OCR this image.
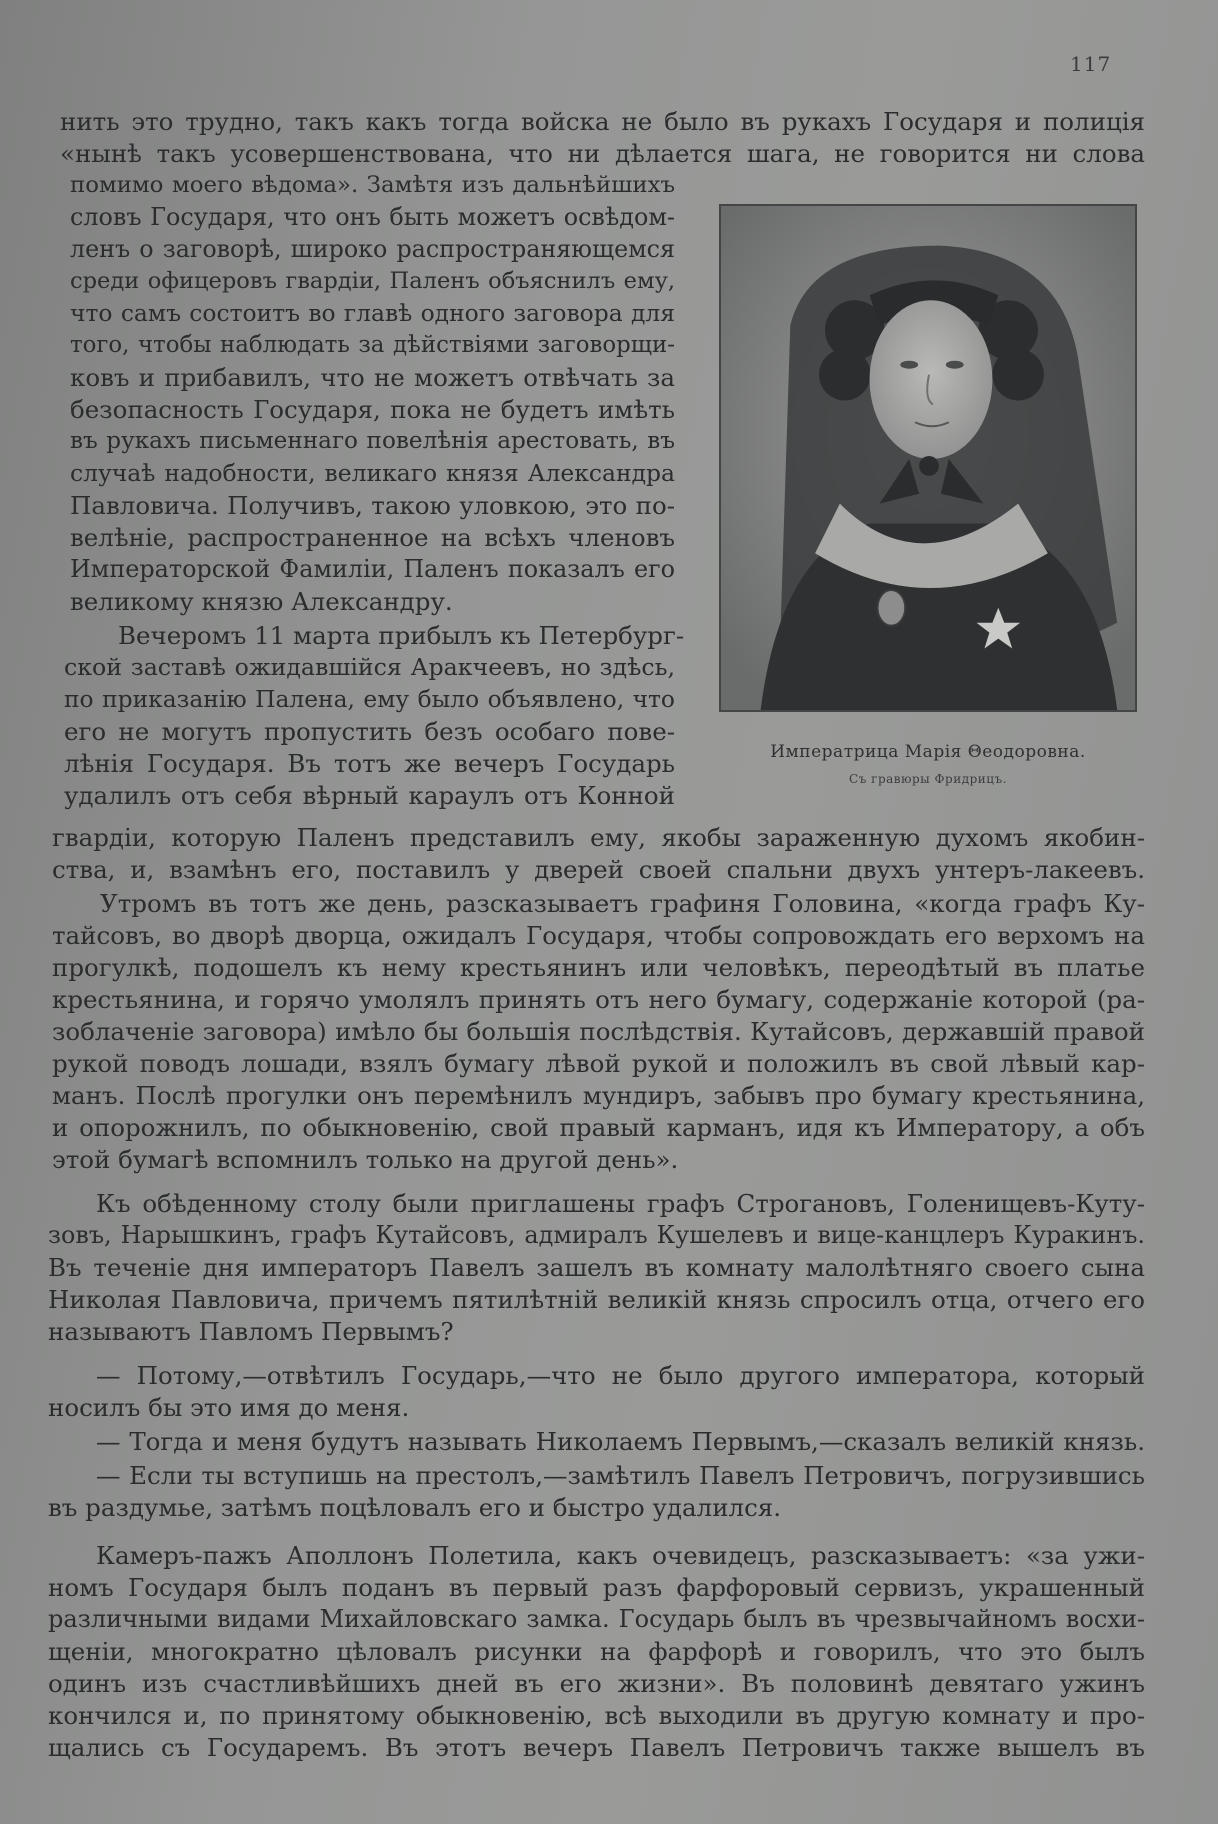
117
нить это трудно, такъ какъ тогда войска не было въ рукахъ Государя и полиція
«нынѣ такъ усовершенствована, что ни дѣлается шага, не говорится ни слова
помимо моего вѣдома». Замѣтя изъ дальнѣйшихъ
словъ Государя, что онъ быть можетъ освѣдом-
ленъ о заговорѣ, широко распространяющемся
среди офицеровъ гвардіи, Паленъ объяснилъ ему,
что самъ состоитъ во главѣ одного заговора для
того, чтобы наблюдать за дѣйствіями заговорщи-
ковъ и прибавилъ, что не можетъ отвѣчать за
безопасность Государя, пока не будетъ имѣть
въ рукахъ письменнаго повелѣнія арестовать, въ
случаѣ надобности, великаго князя Александра
Павловича. Получивъ, такою уловкою, это по-
велѣніе, распространенное на всѣхъ членовъ
Императорской Фамиліи, Паленъ показалъ его
великому князю Александру.
Вечеромъ 11 марта прибылъ къ Петербург-
ской заставѣ ожидавшійся Аракчеевъ, но здѣсь,
по приказанію Палена, ему было объявлено, что
его не могутъ пропустить безъ особаго пове-
лѣнія Государя. Въ тотъ же вечеръ Государь
удалилъ отъ себя вѣрный караулъ отъ Конной
Императрица Марія Θеодоровна.
Съ гравюры Фридрицъ.
гвардіи, которую Паленъ представилъ ему, якобы зараженную духомъ якобин-
ства, и, взамѣнъ его, поставилъ у дверей своей спальни двухъ унтеръ-лакеевъ.
Утромъ въ тотъ же день, разсказываетъ графиня Головина, «когда графъ Ку-
тайсовъ, во дворѣ дворца, ожидалъ Государя, чтобы сопровождать его верхомъ на
прогулкѣ, подошелъ къ нему крестьянинъ или человѣкъ, переодѣтый въ платье
крестьянина, и горячо умолялъ принять отъ него бумагу, содержаніе которой (ра-
зоблаченіе заговора) имѣло бы большія послѣдствія. Кутайсовъ, державшій правой
рукой поводъ лошади, взялъ бумагу лѣвой рукой и положилъ въ свой лѣвый кар-
манъ. Послѣ прогулки онъ перемѣнилъ мундиръ, забывъ про бумагу крестьянина,
и опорожнилъ, по обыкновенію, свой правый карманъ, идя къ Императору, а объ
этой бумагѣ вспомнилъ только на другой день».
Къ обѣденному столу были приглашены графъ Строгановъ, Голенищевъ-Куту-
зовъ, Нарышкинъ, графъ Кутайсовъ, адмиралъ Кушелевъ и вице-канцлеръ Куракинъ.
Въ теченіе дня императоръ Павелъ зашелъ въ комнату малолѣтняго своего сына
Николая Павловича, причемъ пятилѣтній великій князь спросилъ отца, отчего его
называютъ Павломъ Первымъ?
— Потому,—отвѣтилъ Государь,—что не было другого императора, который
носилъ бы это имя до меня.
— Тогда и меня будутъ называть Николаемъ Первымъ,—сказалъ великій князь.
— Если ты вступишь на престолъ,—замѣтилъ Павелъ Петровичъ, погрузившись
въ раздумье, затѣмъ поцѣловалъ его и быстро удалился.
Камеръ-пажъ Аполлонъ Полетила, какъ очевидецъ, разсказываетъ: «за ужи-
номъ Государя былъ поданъ въ первый разъ фарфоровый сервизъ, украшенный
различными видами Михайловскаго замка. Государь былъ въ чрезвычайномъ восхи-
щеніи, многократно цѣловалъ рисунки на фарфорѣ и говорилъ, что это былъ
одинъ изъ счастливѣйшихъ дней въ его жизни». Въ половинѣ девятаго ужинъ
кончился и, по принятому обыкновенію, всѣ выходили въ другую комнату и про-
щались съ Государемъ. Въ этотъ вечеръ Павелъ Петровичъ также вышелъ въ
